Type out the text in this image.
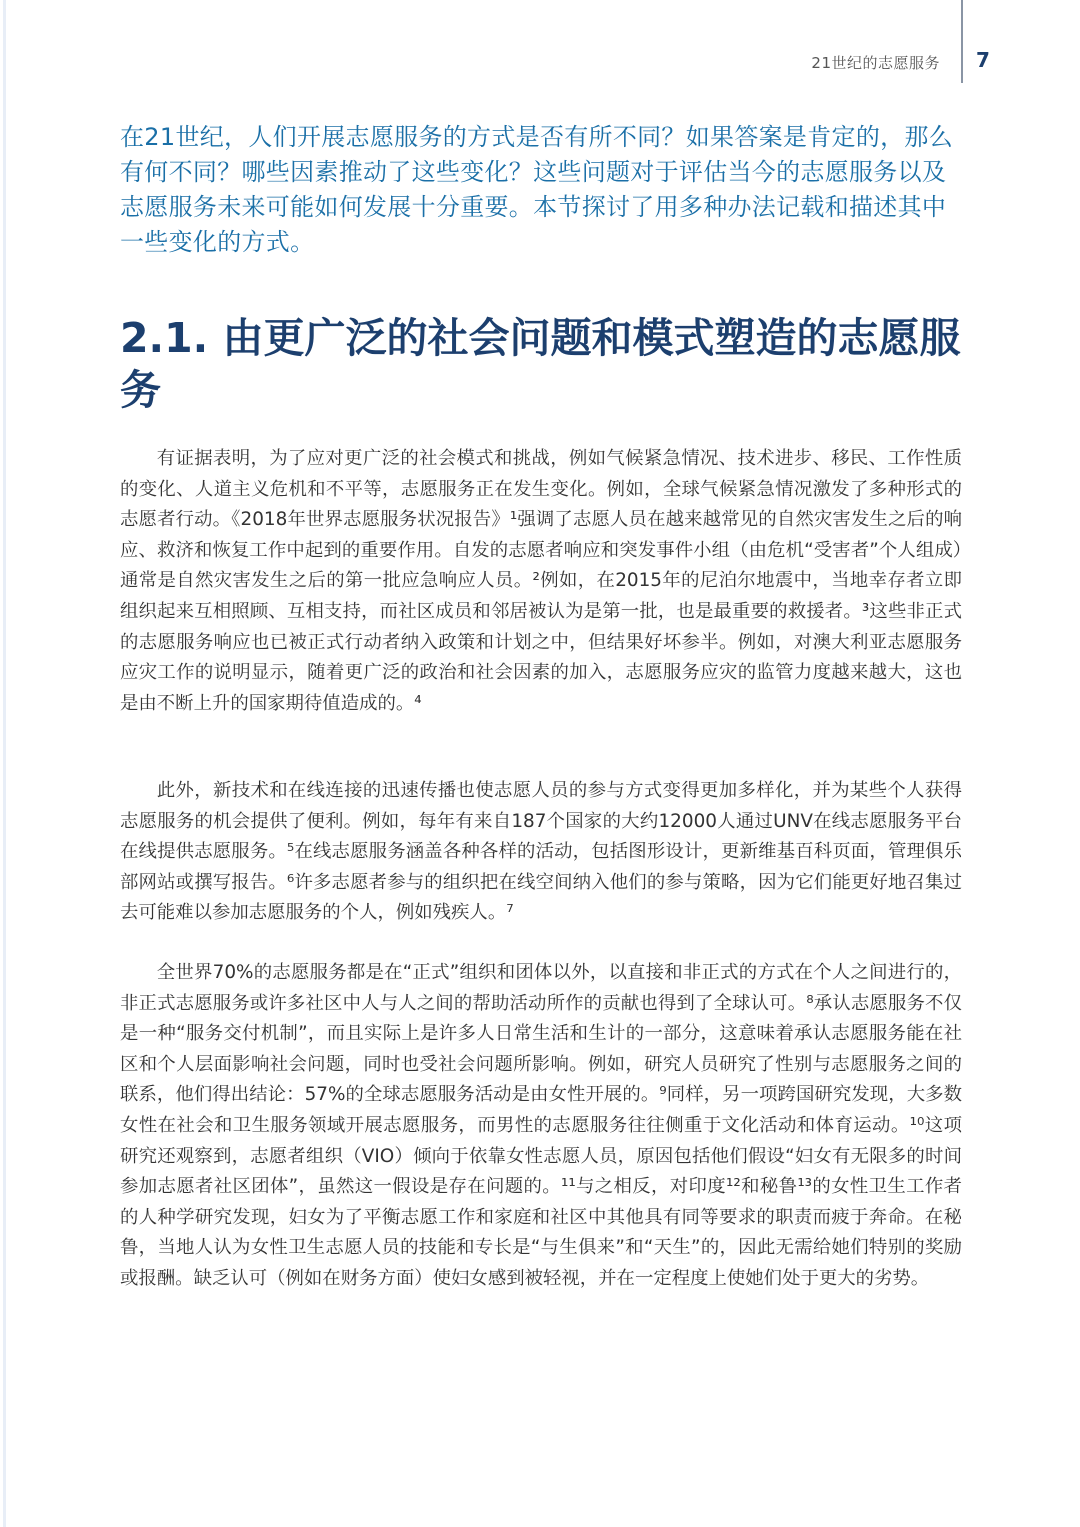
21世纪的志愿服务 7

在21世纪，人们开展志愿服务的方式是否有所不同？如果答案是肯定的，那么有何不同？哪些因素推动了这些变化？这些问题对于评估当今的志愿服务以及志愿服务未来可能如何发展十分重要。本节探讨了用多种办法记载和描述其中一些变化的方式。

2.1. 由更广泛的社会问题和模式塑造的志愿服务

有证据表明，为了应对更广泛的社会模式和挑战，例如气候紧急情况、技术进步、移民、工作性质的变化、人道主义危机和不平等，志愿服务正在发生变化。例如，全球气候紧急情况激发了多种形式的志愿者行动。《2018年世界志愿服务状况报告》¹强调了志愿人员在越来越常见的自然灾害发生之后的响应、救济和恢复工作中起到的重要作用。自发的志愿者响应和突发事件小组（由危机“受害者”个人组成）通常是自然灾害发生之后的第一批应急响应人员。²例如，在2015年的尼泊尔地震中，当地幸存者立即组织起来互相照顾、互相支持，而社区成员和邻居被认为是第一批，也是最重要的救援者。³这些非正式的志愿服务响应也已被正式行动者纳入政策和计划之中，但结果好坏参半。例如，对澳大利亚志愿服务应灾工作的说明显示，随着更广泛的政治和社会因素的加入，志愿服务应灾的监管力度越来越大，这也是由不断上升的国家期待值造成的。⁴

此外，新技术和在线连接的迅速传播也使志愿人员的参与方式变得更加多样化，并为某些个人获得志愿服务的机会提供了便利。例如，每年有来自187个国家的大约12000人通过UNV在线志愿服务平台在线提供志愿服务。⁵在线志愿服务涵盖各种各样的活动，包括图形设计，更新维基百科页面，管理俱乐部网站或撰写报告。⁶许多志愿者参与的组织把在线空间纳入他们的参与策略，因为它们能更好地召集过去可能难以参加志愿服务的个人，例如残疾人。⁷

全世界70%的志愿服务都是在“正式”组织和团体以外，以直接和非正式的方式在个人之间进行的，非正式志愿服务或许多社区中人与人之间的帮助活动所作的贡献也得到了全球认可。⁸承认志愿服务不仅是一种“服务交付机制”，而且实际上是许多人日常生活和生计的一部分，这意味着承认志愿服务能在社区和个人层面影响社会问题，同时也受社会问题所影响。例如，研究人员研究了性别与志愿服务之间的联系，他们得出结论：57%的全球志愿服务活动是由女性开展的。⁹同样，另一项跨国研究发现，大多数女性在社会和卫生服务领域开展志愿服务，而男性的志愿服务往往侧重于文化活动和体育运动。¹⁰这项研究还观察到，志愿者组织（VIO）倾向于依靠女性志愿人员，原因包括他们假设“妇女有无限多的时间参加志愿者社区团体”，虽然这一假设是存在问题的。¹¹与之相反，对印度¹²和秘鲁¹³的女性卫生工作者的人种学研究发现，妇女为了平衡志愿工作和家庭和社区中其他具有同等要求的职责而疲于奔命。在秘鲁，当地人认为女性卫生志愿人员的技能和专长是“与生俱来”和“天生”的，因此无需给她们特别的奖励或报酬。缺乏认可（例如在财务方面）使妇女感到被轻视，并在一定程度上使她们处于更大的劣势。
